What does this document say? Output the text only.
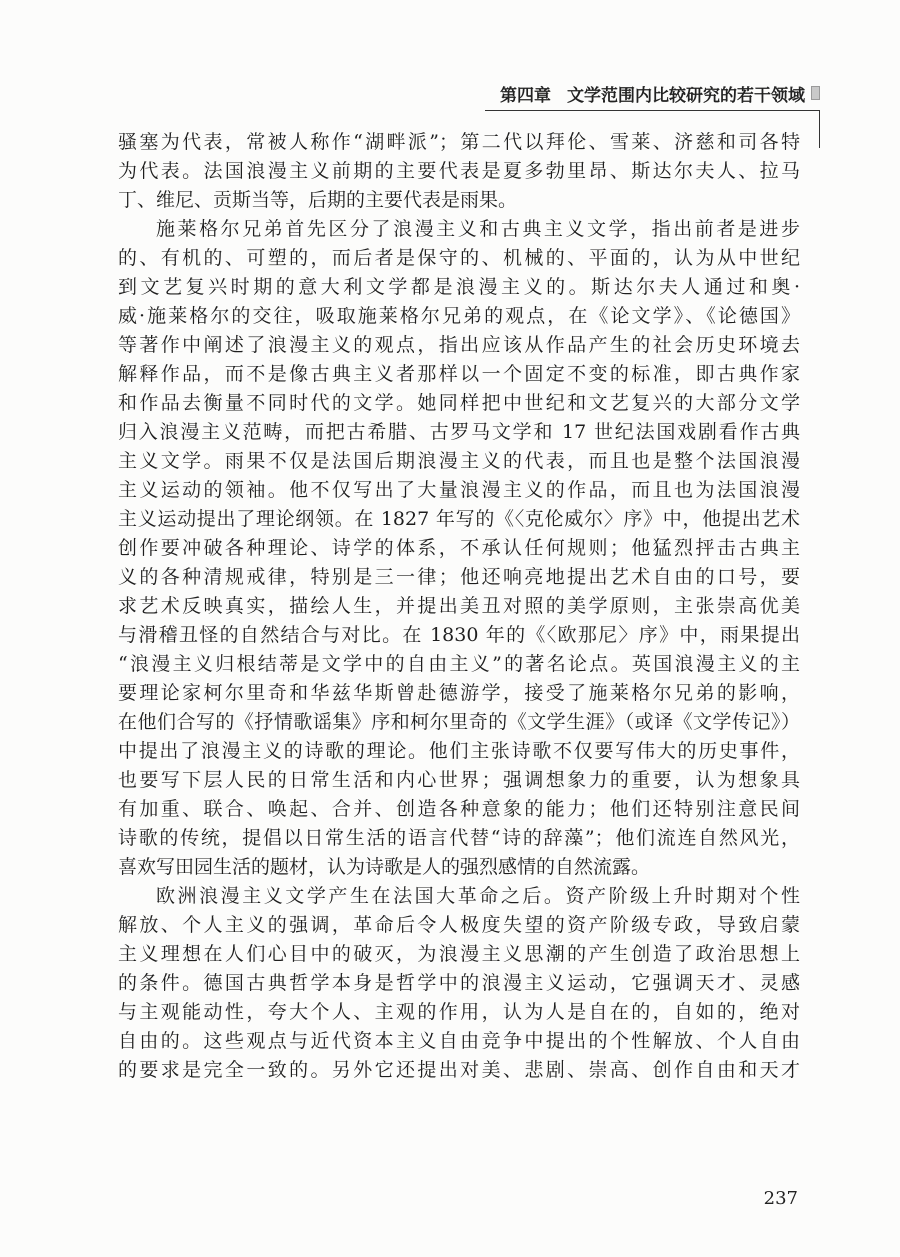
第四章 文学范围内比较研究的若干领域
骚塞为代表，常被人称作“湖畔派”；第二代以拜伦、雪莱、济慈和司各特
为代表。法国浪漫主义前期的主要代表是夏多勃里昂、斯达尔夫人、拉马
丁、维尼、贡斯当等，后期的主要代表是雨果。
施莱格尔兄弟首先区分了浪漫主义和古典主义文学，指出前者是进步
的、有机的、可塑的，而后者是保守的、机械的、平面的，认为从中世纪
到文艺复兴时期的意大利文学都是浪漫主义的。斯达尔夫人通过和奥·
威·施莱格尔的交往，吸取施莱格尔兄弟的观点，在《论文学》、《论德国》
等著作中阐述了浪漫主义的观点，指出应该从作品产生的社会历史环境去
解释作品，而不是像古典主义者那样以一个固定不变的标准，即古典作家
和作品去衡量不同时代的文学。她同样把中世纪和文艺复兴的大部分文学
归入浪漫主义范畴，而把古希腊、古罗马文学和 17 世纪法国戏剧看作古典
主义文学。雨果不仅是法国后期浪漫主义的代表，而且也是整个法国浪漫
主义运动的领袖。他不仅写出了大量浪漫主义的作品，而且也为法国浪漫
主义运动提出了理论纲领。在 1827 年写的《〈克伦威尔〉序》中，他提出艺术
创作要冲破各种理论、诗学的体系，不承认任何规则；他猛烈抨击古典主
义的各种清规戒律，特别是三一律；他还响亮地提出艺术自由的口号，要
求艺术反映真实，描绘人生，并提出美丑对照的美学原则，主张崇高优美
与滑稽丑怪的自然结合与对比。在 1830 年的《〈欧那尼〉序》中，雨果提出
“浪漫主义归根结蒂是文学中的自由主义”的著名论点。英国浪漫主义的主
要理论家柯尔里奇和华兹华斯曾赴德游学，接受了施莱格尔兄弟的影响，
在他们合写的《抒情歌谣集》序和柯尔里奇的《文学生涯》（或译《文学传记》）
中提出了浪漫主义的诗歌的理论。他们主张诗歌不仅要写伟大的历史事件，
也要写下层人民的日常生活和内心世界；强调想象力的重要，认为想象具
有加重、联合、唤起、合并、创造各种意象的能力；他们还特别注意民间
诗歌的传统，提倡以日常生活的语言代替“诗的辞藻”；他们流连自然风光，
喜欢写田园生活的题材，认为诗歌是人的强烈感情的自然流露。
欧洲浪漫主义文学产生在法国大革命之后。资产阶级上升时期对个性
解放、个人主义的强调，革命后令人极度失望的资产阶级专政，导致启蒙
主义理想在人们心目中的破灭，为浪漫主义思潮的产生创造了政治思想上
的条件。德国古典哲学本身是哲学中的浪漫主义运动，它强调天才、灵感
与主观能动性，夸大个人、主观的作用，认为人是自在的，自如的，绝对
自由的。这些观点与近代资本主义自由竞争中提出的个性解放、个人自由
的要求是完全一致的。另外它还提出对美、悲剧、崇高、创作自由和天才
237
